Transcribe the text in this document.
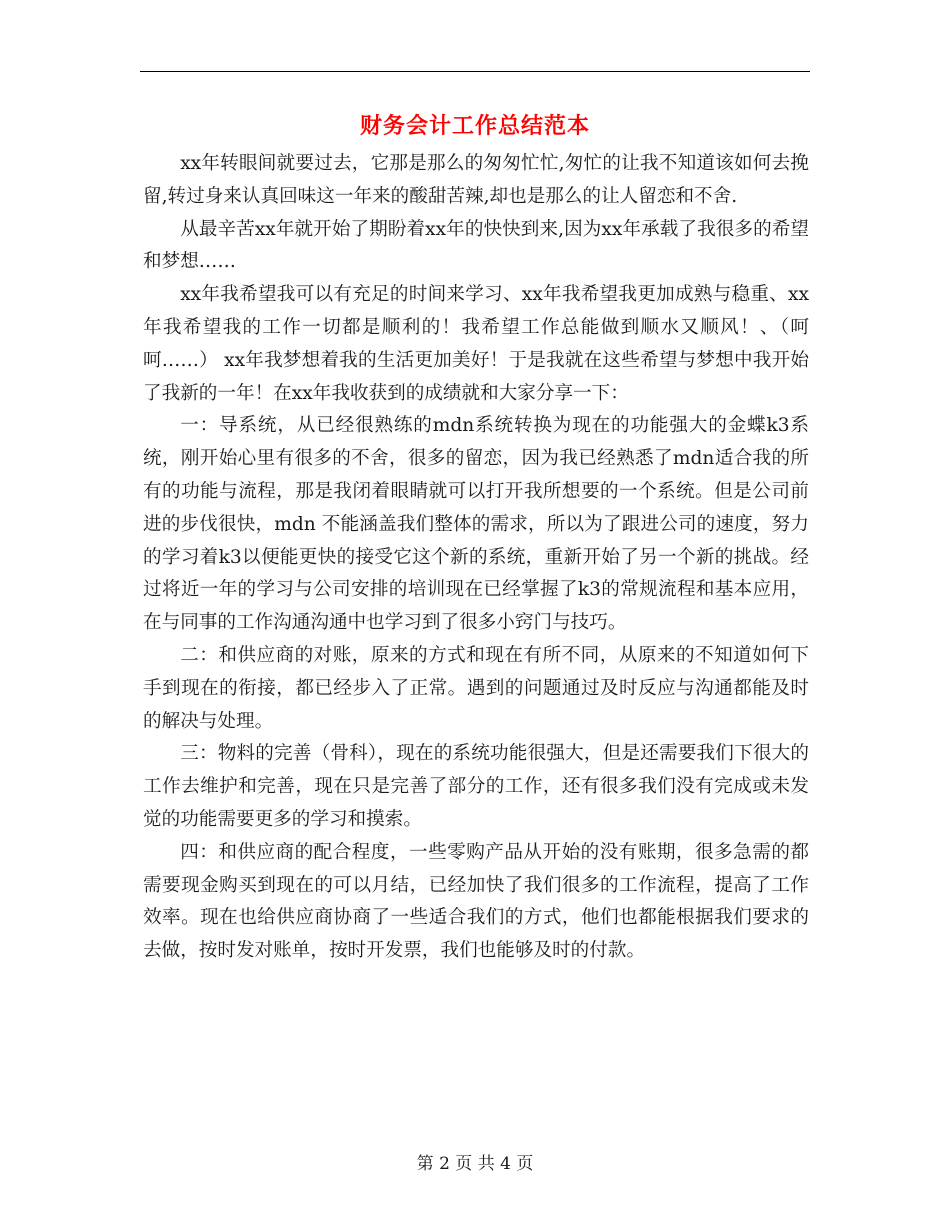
财务会计工作总结范本

xx年转眼间就要过去，它那是那么的匆匆忙忙,匆忙的让我不知道该如何去挽留,转过身来认真回味这一年来的酸甜苦辣,却也是那么的让人留恋和不舍.

从最辛苦xx年就开始了期盼着xx年的快快到来,因为xx年承载了我很多的希望和梦想……

xx年我希望我可以有充足的时间来学习、xx年我希望我更加成熟与稳重、xx年我希望我的工作一切都是顺利的！我希望工作总能做到顺水又顺风！、（呵呵……） xx年我梦想着我的生活更加美好！于是我就在这些希望与梦想中我开始了我新的一年！在xx年我收获到的成绩就和大家分享一下：

一：导系统，从已经很熟练的mdn系统转换为现在的功能强大的金蝶k3系统，刚开始心里有很多的不舍，很多的留恋，因为我已经熟悉了mdn适合我的所有的功能与流程，那是我闭着眼睛就可以打开我所想要的一个系统。但是公司前进的步伐很快，mdn 不能涵盖我们整体的需求，所以为了跟进公司的速度，努力的学习着k3以便能更快的接受它这个新的系统，重新开始了另一个新的挑战。经过将近一年的学习与公司安排的培训现在已经掌握了k3的常规流程和基本应用，在与同事的工作沟通沟通中也学习到了很多小窍门与技巧。

二：和供应商的对账，原来的方式和现在有所不同，从原来的不知道如何下手到现在的衔接，都已经步入了正常。遇到的问题通过及时反应与沟通都能及时的解决与处理。

三：物料的完善（骨科），现在的系统功能很强大，但是还需要我们下很大的工作去维护和完善，现在只是完善了部分的工作，还有很多我们没有完成或未发觉的功能需要更多的学习和摸索。

四：和供应商的配合程度，一些零购产品从开始的没有账期，很多急需的都需要现金购买到现在的可以月结，已经加快了我们很多的工作流程，提高了工作效率。现在也给供应商协商了一些适合我们的方式，他们也都能根据我们要求的去做，按时发对账单，按时开发票，我们也能够及时的付款。

第 2 页 共 4 页
